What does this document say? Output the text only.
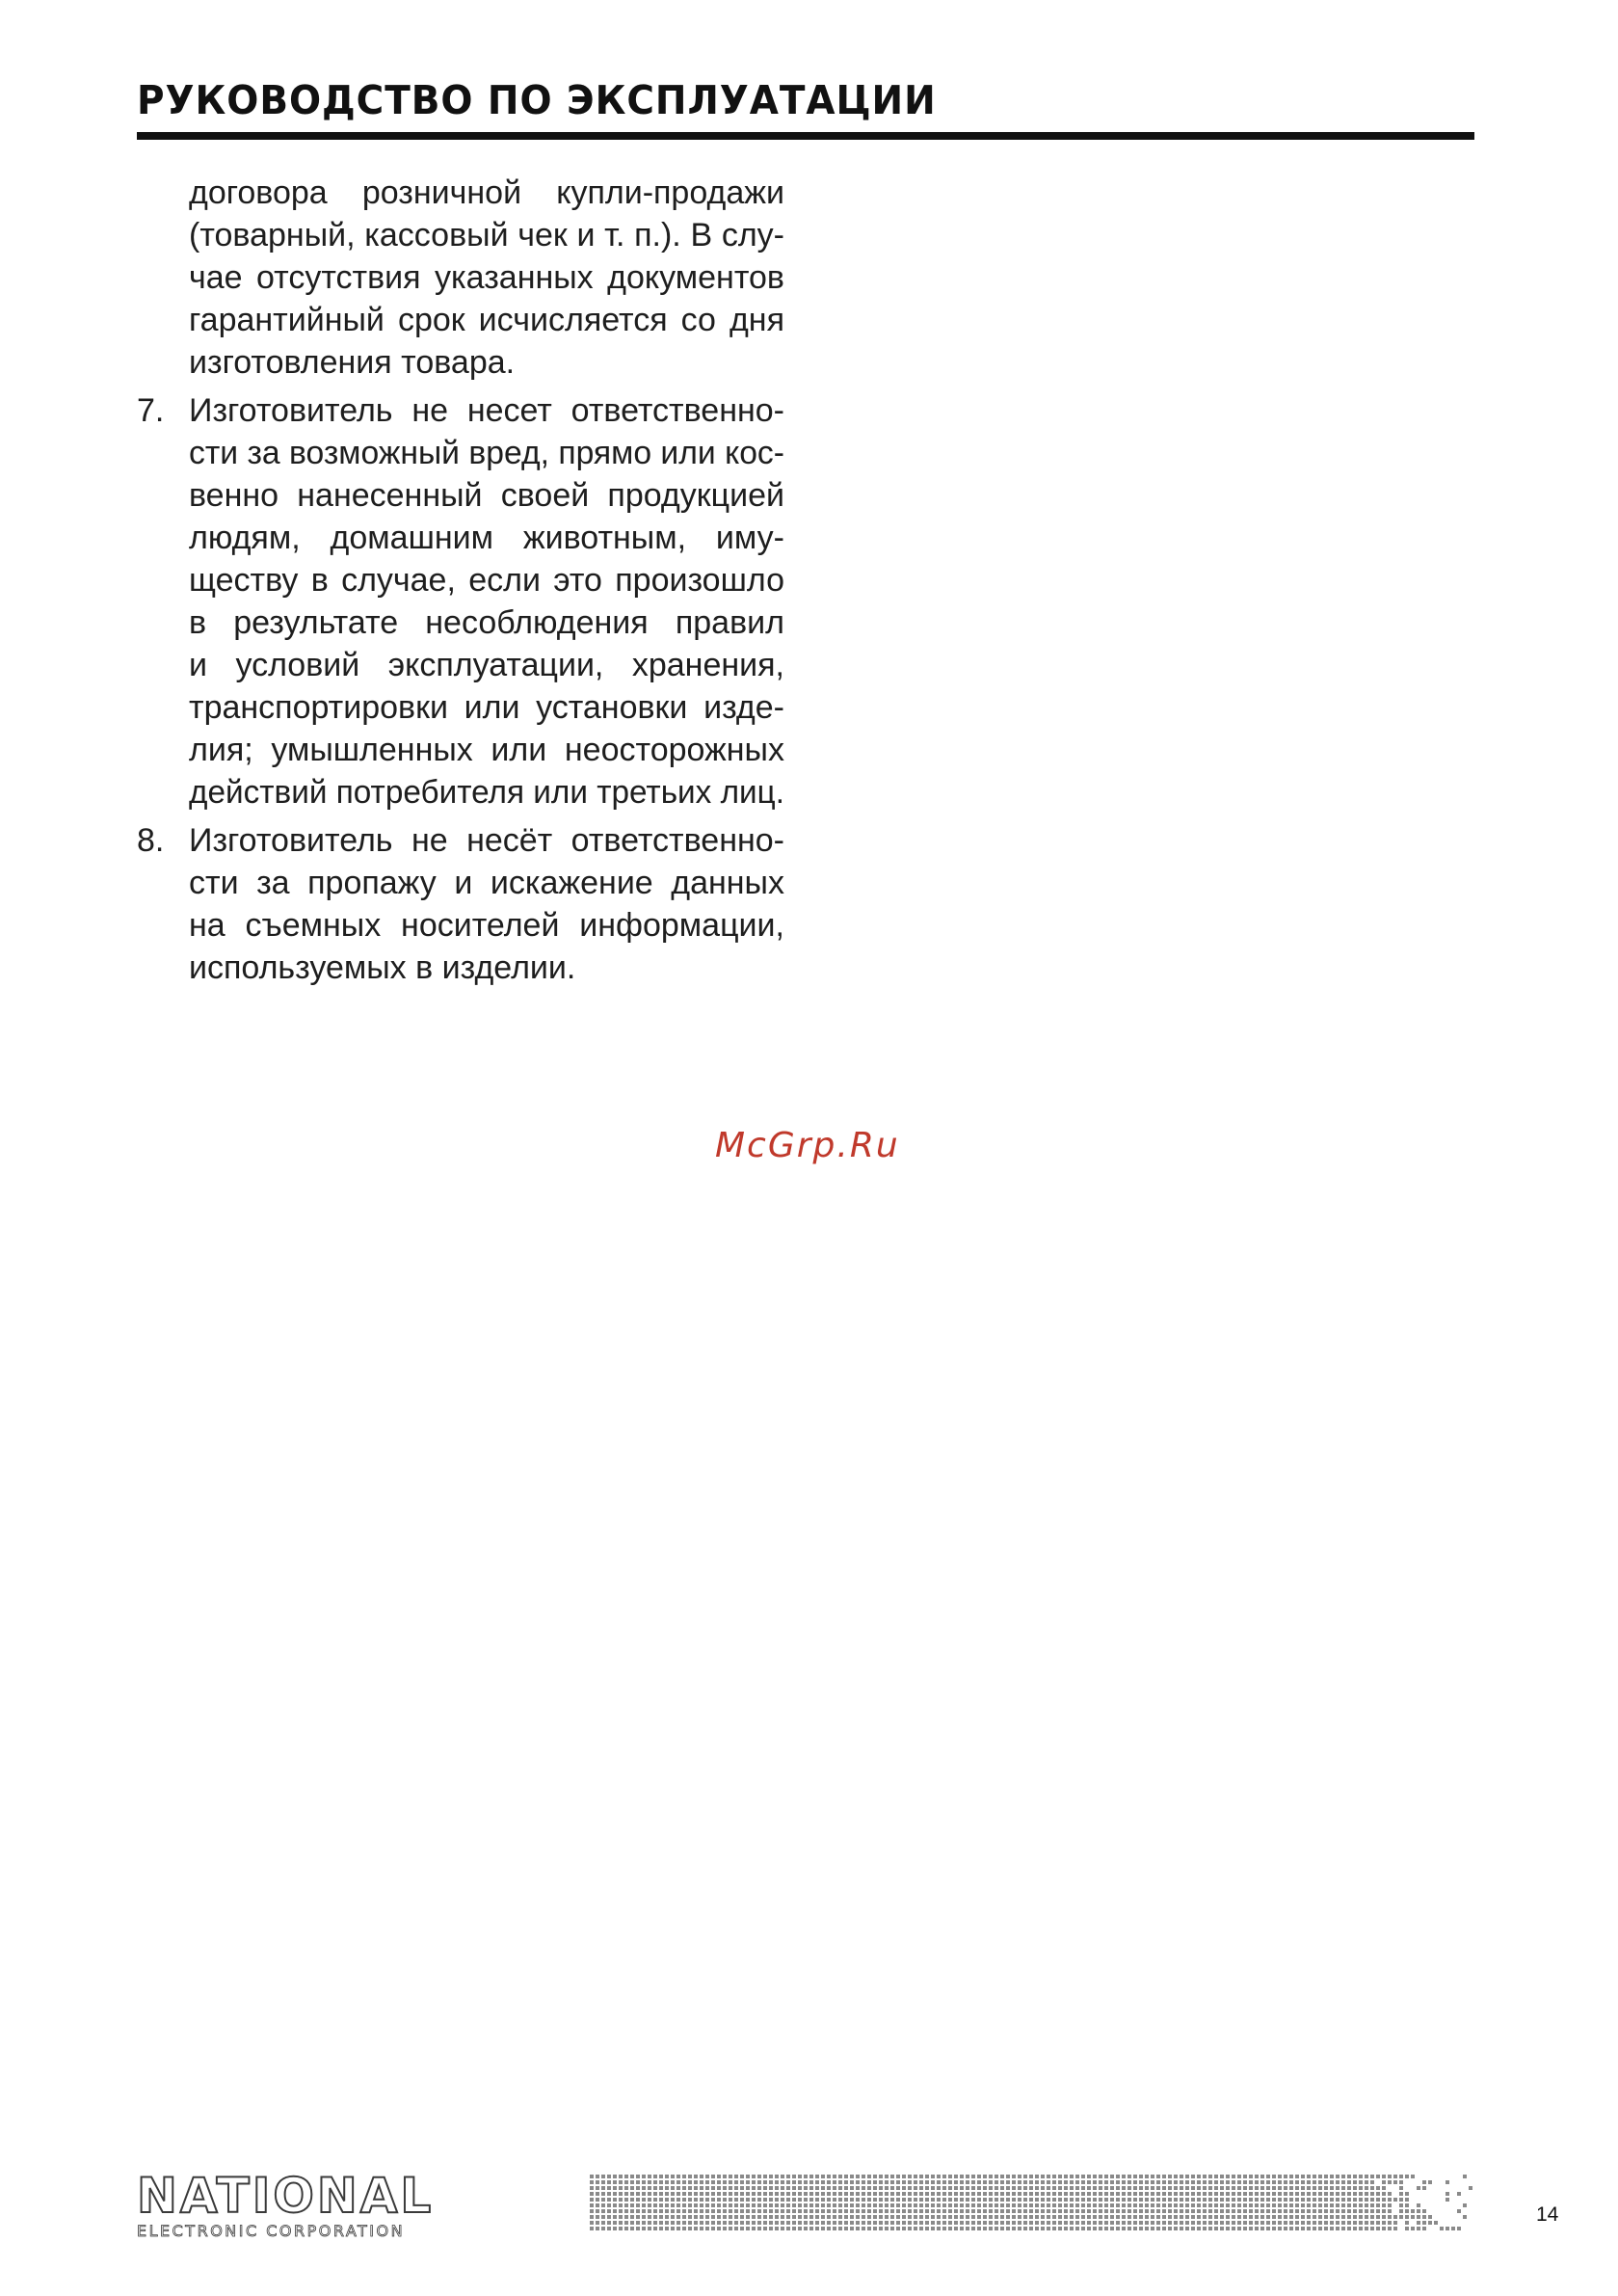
РУКОВОДСТВО ПО ЭКСПЛУАТАЦИИ
договора розничной купли-продажи
(товарный, кассовый чек и т. п.). В слу-
чае отсутствия указанных документов
гарантийный срок исчисляется со дня
изготовления товара.
7. Изготовитель не несет ответственно-
сти за возможный вред, прямо или кос-
венно нанесенный своей продукцией
людям, домашним животным, иму-
ществу в случае, если это произошло
в результате несоблюдения правил
и условий эксплуатации, хранения,
транспортировки или установки изде-
лия; умышленных или неосторожных
действий потребителя или третьих лиц.
8. Изготовитель не несёт ответственно-
сти за пропажу и искажение данных
на съемных носителей информации,
используемых в изделии.
McGrp.Ru
NATIONAL
ELECTRONIC CORPORATION
14
